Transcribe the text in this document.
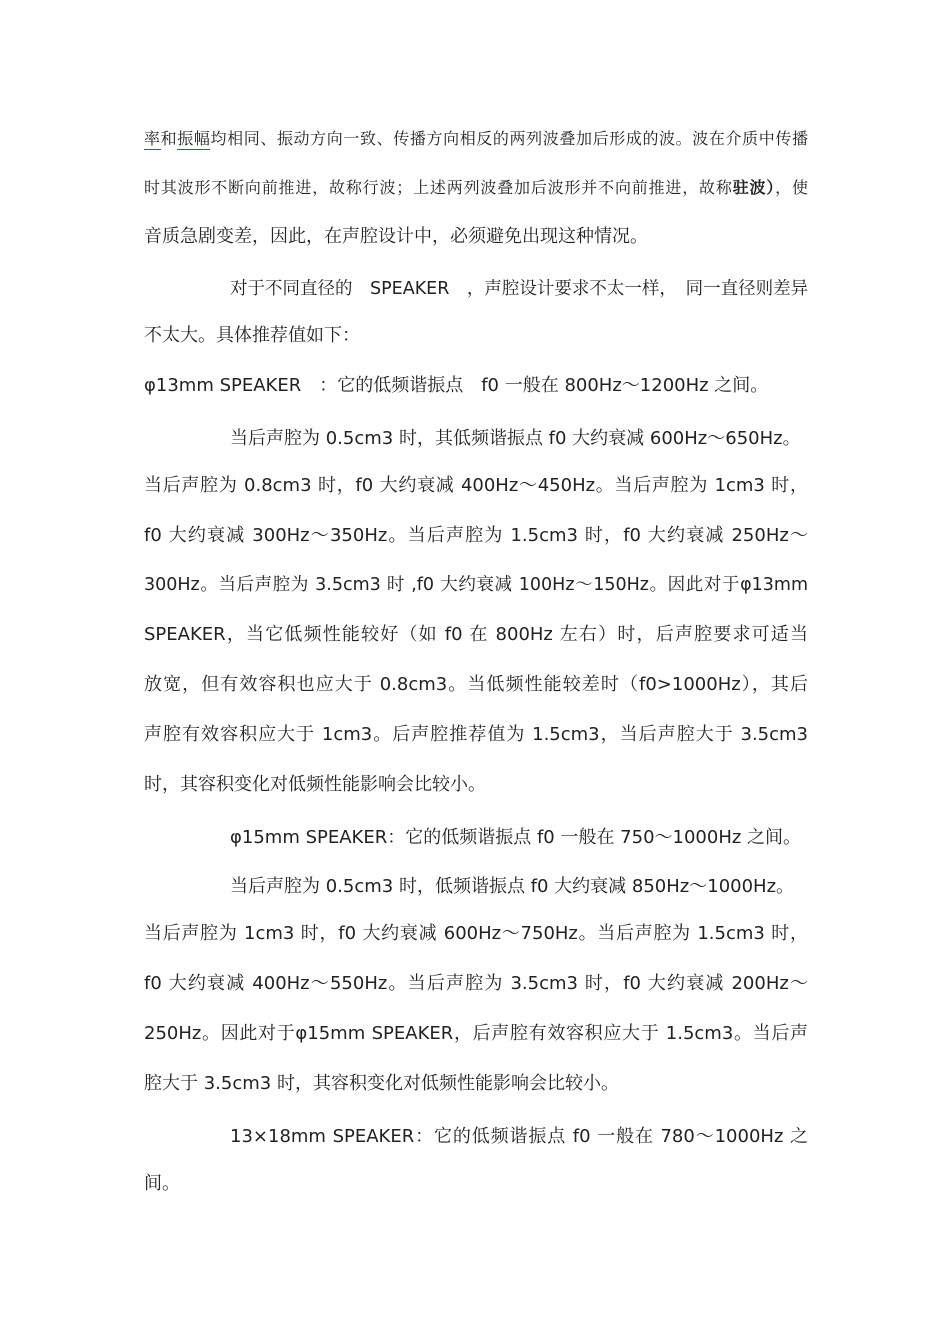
率和振幅均相同、振动方向一致、传播方向相反的两列波叠加后形成的波。波在介质中传播
时其波形不断向前推进，故称行波；上述两列波叠加后波形并不向前推进，故称驻波），使
音质急剧变差，因此，在声腔设计中，必须避免出现这种情况。
对于不同直径的　SPEAKER　，声腔设计要求不太一样，　同一直径则差异
不太大。具体推荐值如下：
φ13mm SPEAKER　：它的低频谐振点　f0 一般在 800Hz～1200Hz 之间。
当后声腔为 0.5cm3 时，其低频谐振点 f0 大约衰减 600Hz～650Hz。
当后声腔为 0.8cm3 时，f0 大约衰减 400Hz～450Hz。当后声腔为 1cm3 时，
f0 大约衰减 300Hz～350Hz。当后声腔为 1.5cm3 时，f0 大约衰减 250Hz～
300Hz。当后声腔为 3.5cm3 时 ,f0 大约衰减 100Hz～150Hz。因此对于φ13mm
SPEAKER，当它低频性能较好（如 f0 在 800Hz 左右）时，后声腔要求可适当
放宽，但有效容积也应大于 0.8cm3。当低频性能较差时（f0>1000Hz），其后
声腔有效容积应大于 1cm3。后声腔推荐值为 1.5cm3，当后声腔大于 3.5cm3
时，其容积变化对低频性能影响会比较小。
φ15mm SPEAKER：它的低频谐振点 f0 一般在 750～1000Hz 之间。
当后声腔为 0.5cm3 时，低频谐振点 f0 大约衰减 850Hz～1000Hz。
当后声腔为 1cm3 时，f0 大约衰减 600Hz～750Hz。当后声腔为 1.5cm3 时，
f0 大约衰减 400Hz～550Hz。当后声腔为 3.5cm3 时，f0 大约衰减 200Hz～
250Hz。因此对于φ15mm SPEAKER，后声腔有效容积应大于 1.5cm3。当后声
腔大于 3.5cm3 时，其容积变化对低频性能影响会比较小。
13×18mm SPEAKER：它的低频谐振点 f0 一般在 780～1000Hz 之
间。
